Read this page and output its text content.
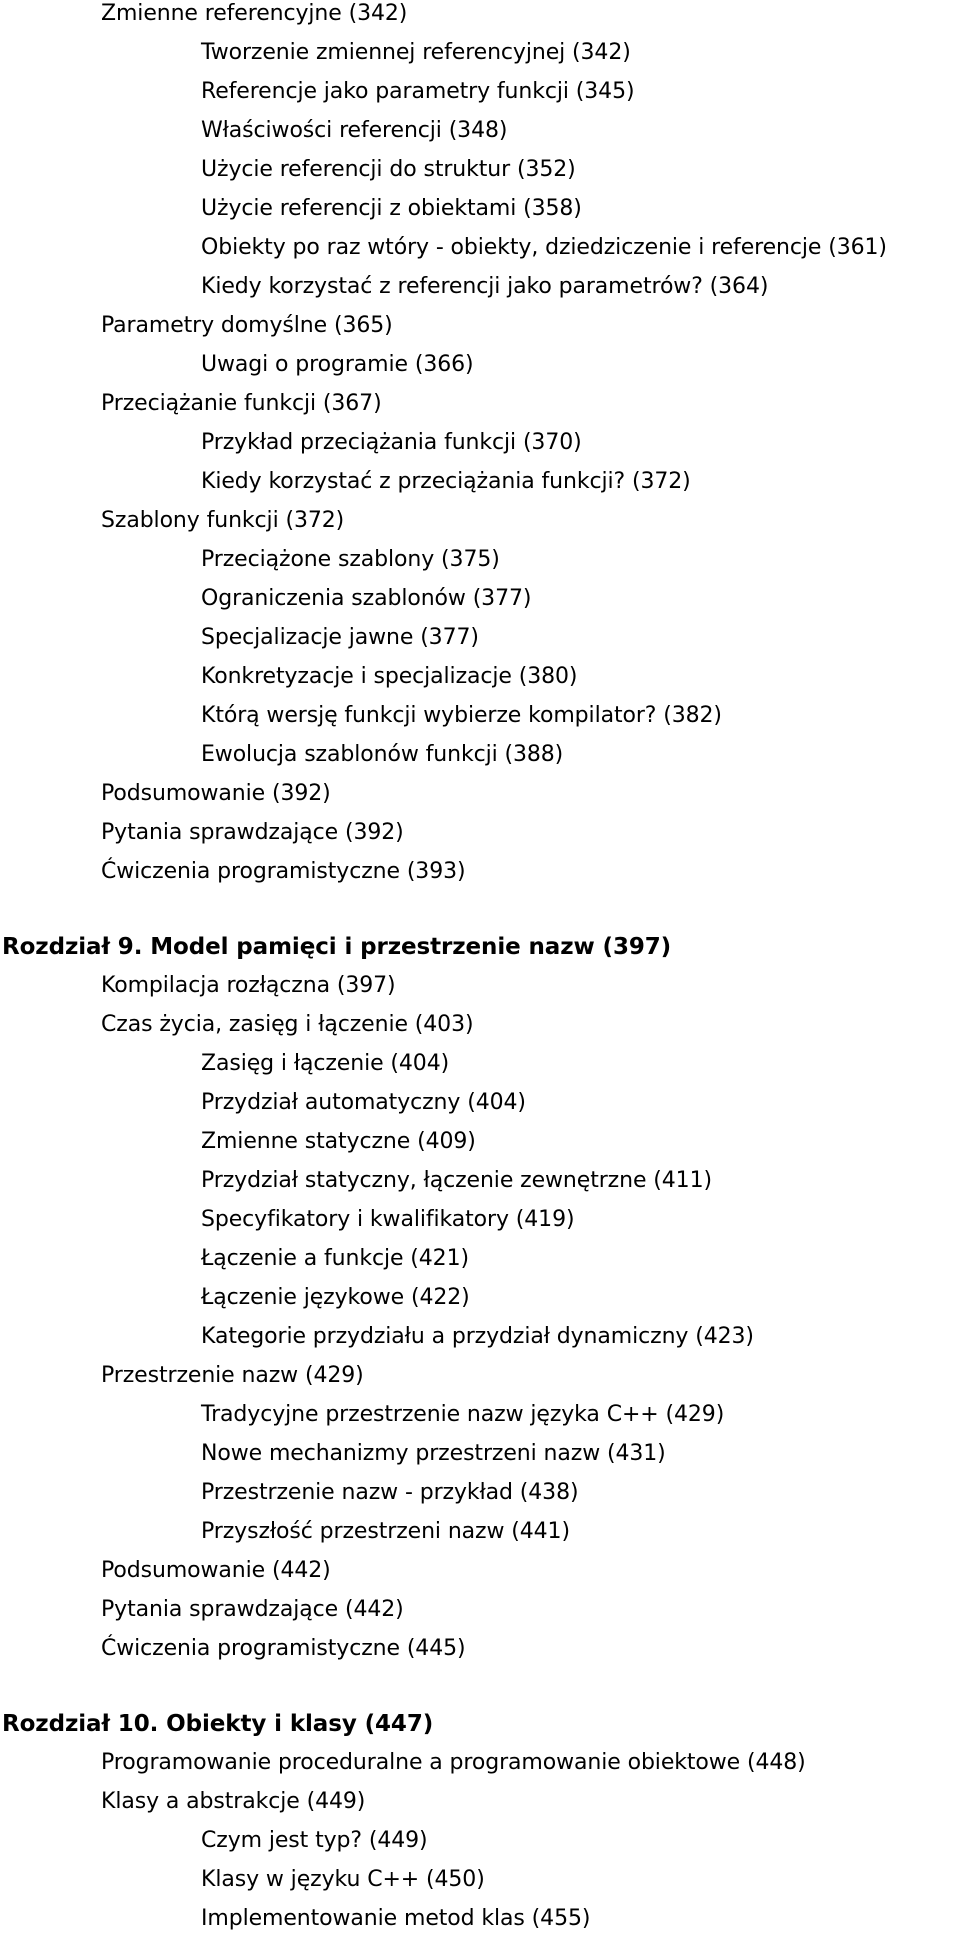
Zmienne referencyjne (342)
Tworzenie zmiennej referencyjnej (342)
Referencje jako parametry funkcji (345)
Właściwości referencji (348)
Użycie referencji do struktur (352)
Użycie referencji z obiektami (358)
Obiekty po raz wtóry - obiekty, dziedziczenie i referencje (361)
Kiedy korzystać z referencji jako parametrów? (364)
Parametry domyślne (365)
Uwagi o programie (366)
Przeciążanie funkcji (367)
Przykład przeciążania funkcji (370)
Kiedy korzystać z przeciążania funkcji? (372)
Szablony funkcji (372)
Przeciążone szablony (375)
Ograniczenia szablonów (377)
Specjalizacje jawne (377)
Konkretyzacje i specjalizacje (380)
Którą wersję funkcji wybierze kompilator? (382)
Ewolucja szablonów funkcji (388)
Podsumowanie (392)
Pytania sprawdzające (392)
Ćwiczenia programistyczne (393)
Rozdział 9. Model pamięci i przestrzenie nazw (397)
Kompilacja rozłączna (397)
Czas życia, zasięg i łączenie (403)
Zasięg i łączenie (404)
Przydział automatyczny (404)
Zmienne statyczne (409)
Przydział statyczny, łączenie zewnętrzne (411)
Specyfikatory i kwalifikatory (419)
Łączenie a funkcje (421)
Łączenie językowe (422)
Kategorie przydziału a przydział dynamiczny (423)
Przestrzenie nazw (429)
Tradycyjne przestrzenie nazw języka C++ (429)
Nowe mechanizmy przestrzeni nazw (431)
Przestrzenie nazw - przykład (438)
Przyszłość przestrzeni nazw (441)
Podsumowanie (442)
Pytania sprawdzające (442)
Ćwiczenia programistyczne (445)
Rozdział 10. Obiekty i klasy (447)
Programowanie proceduralne a programowanie obiektowe (448)
Klasy a abstrakcje (449)
Czym jest typ? (449)
Klasy w języku C++ (450)
Implementowanie metod klas (455)
